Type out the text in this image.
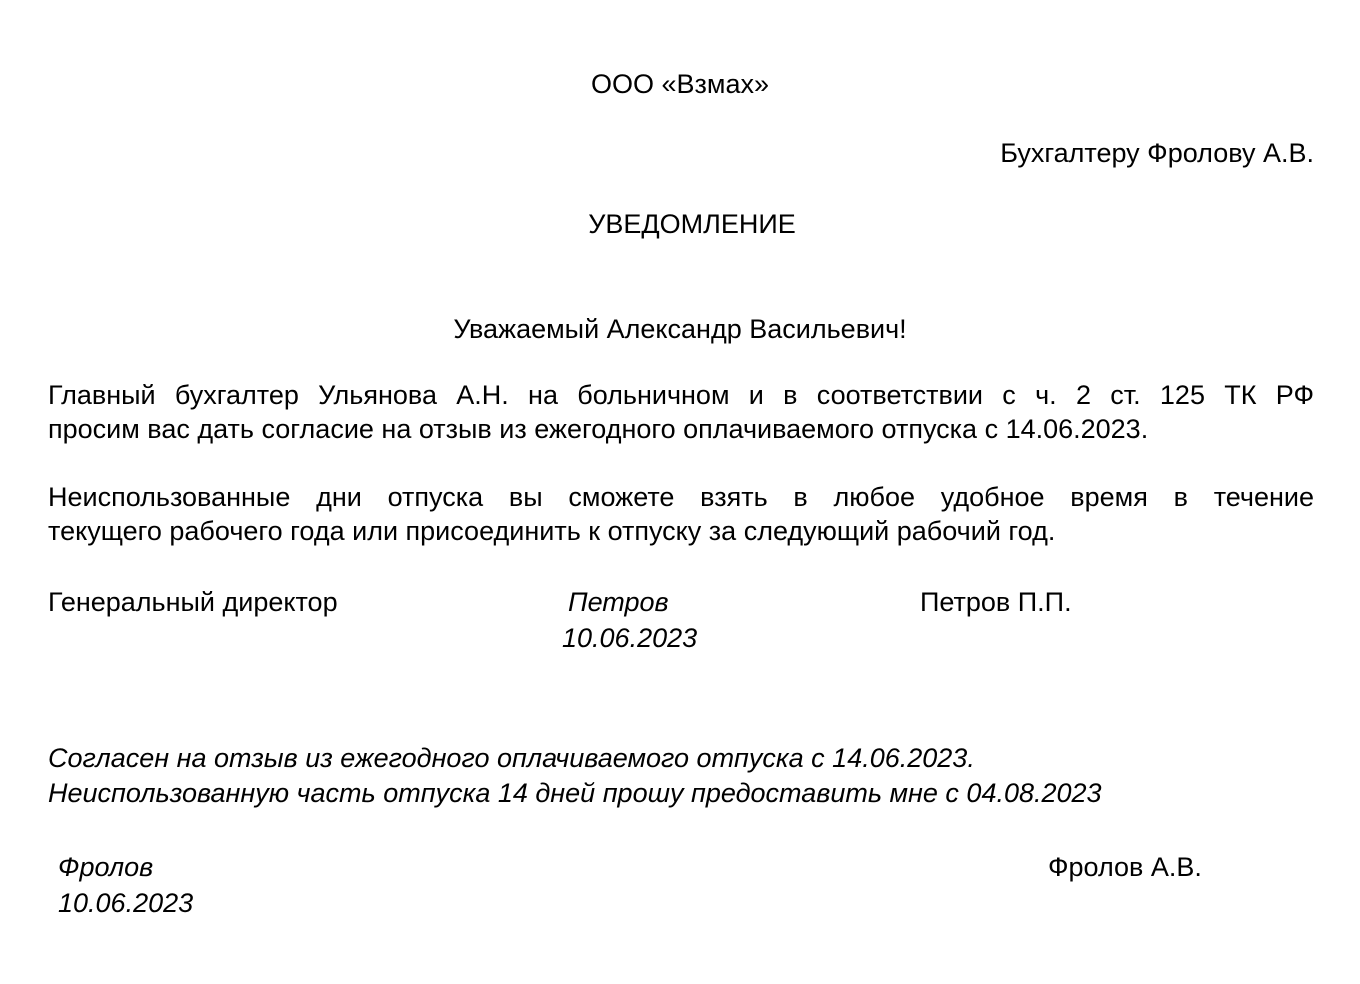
ООО «Взмах»
Бухгалтеру Фролову А.В.
УВЕДОМЛЕНИЕ
Уважаемый Александр Васильевич!
Главный бухгалтер Ульянова А.Н. на больничном и в соответствии с ч. 2 ст. 125 ТК РФ
просим вас дать согласие на отзыв из ежегодного оплачиваемого отпуска с 14.06.2023.
Неиспользованные дни отпуска вы сможете взять в любое удобное время в течение
текущего рабочего года или присоединить к отпуску за следующий рабочий год.
Генеральный директор	Петров
10.06.2023
Петров П.П.
Согласен на отзыв из ежегодного оплачиваемого отпуска с 14.06.2023.
Неиспользованную часть отпуска 14 дней прошу предоставить мне с 04.08.2023
Фролов
10.06.2023
Фролов А.В.
